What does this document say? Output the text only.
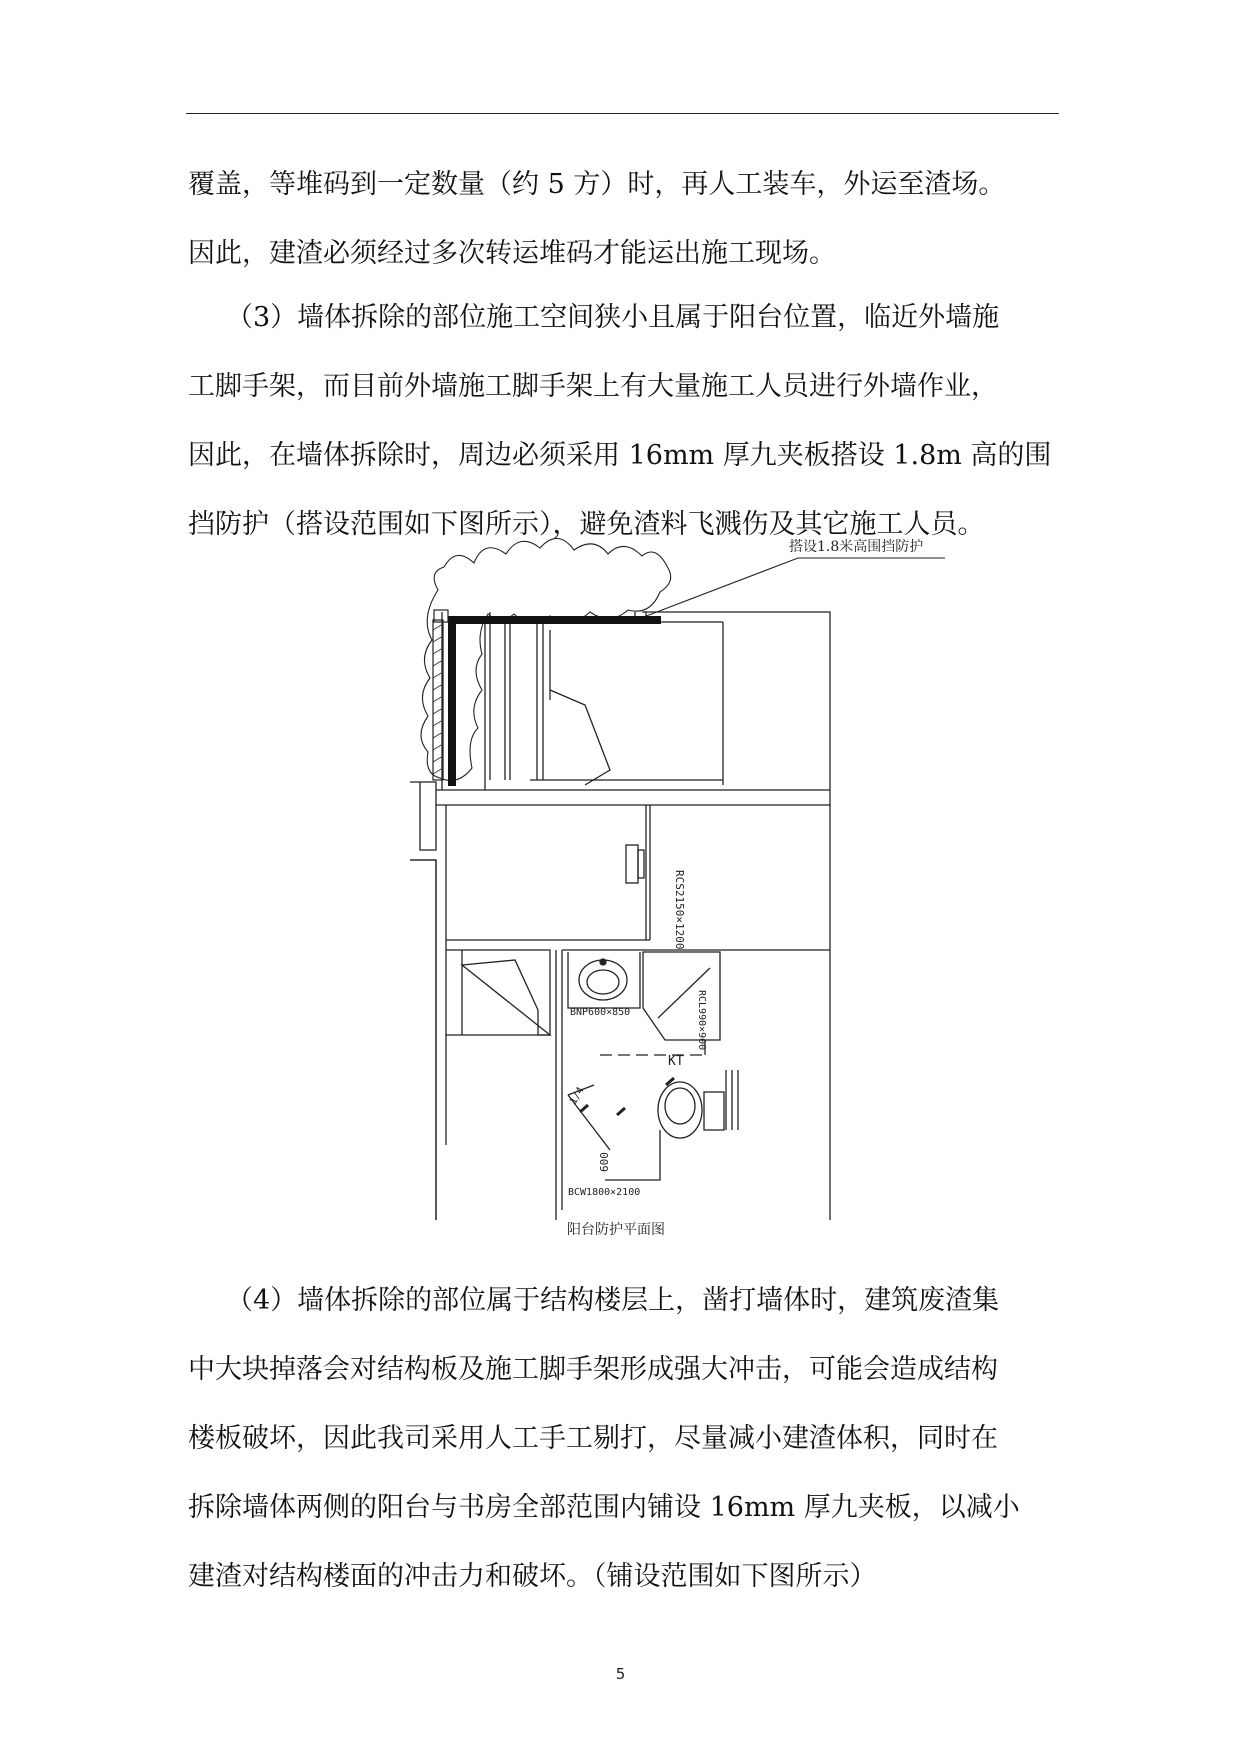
覆盖，等堆码到一定数量（约 5 方）时，再人工装车，外运至渣场。
因此，建渣必须经过多次转运堆码才能运出施工现场。
（3）墙体拆除的部位施工空间狭小且属于阳台位置，临近外墙施
工脚手架，而目前外墙施工脚手架上有大量施工人员进行外墙作业，
因此，在墙体拆除时，周边必须采用 16mm 厚九夹板搭设 1.8m 高的围
挡防护（搭设范围如下图所示），避免渣料飞溅伤及其它施工人员。
搭设1.8米高围挡防护
RCS2150×1200
BNP600×850	RCL990×900
KT
BCW1800×2100
600
1/4
阳台防护平面图
（4）墙体拆除的部位属于结构楼层上，凿打墙体时，建筑废渣集
中大块掉落会对结构板及施工脚手架形成强大冲击，可能会造成结构
楼板破坏，因此我司采用人工手工剔打，尽量减小建渣体积，同时在
拆除墙体两侧的阳台与书房全部范围内铺设 16mm 厚九夹板，以减小
建渣对结构楼面的冲击力和破坏。（铺设范围如下图所示）
5
